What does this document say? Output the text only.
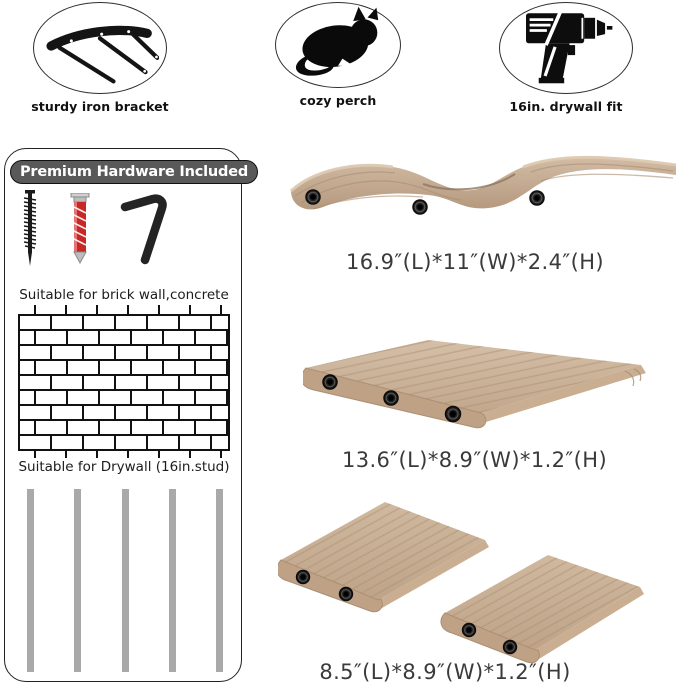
sturdy iron bracket	cozy perch	16in. drywall fit
Premium Hardware Included
Suitable for brick wall,concrete
Suitable for Drywall (16in.stud)
16.9″(L)*11″(W)*2.4″(H)
13.6″(L)*8.9″(W)*1.2″(H)
8.5″(L)*8.9″(W)*1.2″(H)
